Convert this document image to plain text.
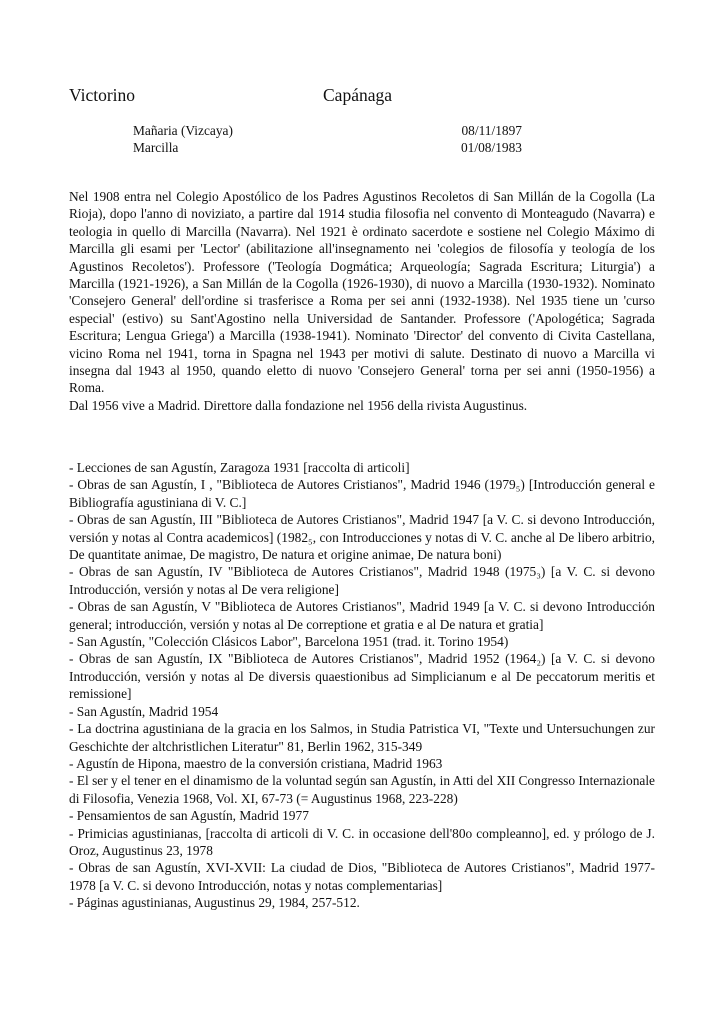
Victorino	Capánaga
Mañaria (Vizcaya)	08/11/1897
Marcilla	01/08/1983

Nel 1908 entra nel Colegio Apostólico de los Padres Agustinos Recoletos di San Millán de la Cogolla (La Rioja), dopo l'anno di noviziato, a partire dal 1914 studia filosofia nel convento di Monteagudo (Navarra) e teologia in quello di Marcilla (Navarra). Nel 1921 è ordinato sacerdote e sostiene nel Colegio Máximo di Marcilla gli esami per 'Lector' (abilitazione all'insegnamento nei 'colegios de filosofía y teología de los Agustinos Recoletos'). Professore ('Teología Dogmática; Arqueología; Sagrada Escritura; Liturgia') a Marcilla (1921-1926), a San Millán de la Cogolla (1926-1930), di nuovo a Marcilla (1930-1932). Nominato 'Consejero General' dell'ordine si trasferisce a Roma per sei anni (1932-1938). Nel 1935 tiene un 'curso especial' (estivo) su Sant'Agostino nella Universidad de Santander. Professore ('Apologética; Sagrada Escritura; Lengua Griega') a Marcilla (1938-1941). Nominato 'Director' del convento di Civita Castellana, vicino Roma nel 1941, torna in Spagna nel 1943 per motivi di salute. Destinato di nuovo a Marcilla vi insegna dal 1943 al 1950, quando eletto di nuovo 'Consejero General' torna per sei anni (1950-1956) a Roma.

Dal 1956 vive a Madrid. Direttore dalla fondazione nel 1956 della rivista Augustinus.

- Lecciones de san Agustín, Zaragoza 1931 [raccolta di articoli]
- Obras de san Agustín, I , "Biblioteca de Autores Cristianos", Madrid 1946 (1979₅) [Introducción general e Bibliografía agustiniana di V. C.]
- Obras de san Agustín, III "Biblioteca de Autores Cristianos", Madrid 1947 [a V. C. si devono Introducción, versión y notas al Contra academicos] (1982₅, con Introducciones y notas di V. C. anche al De libero arbitrio, De quantitate animae, De magistro, De natura et origine animae, De natura boni)
- Obras de san Agustín, IV "Biblioteca de Autores Cristianos", Madrid 1948 (1975₃) [a V. C. si devono Introducción, versión y notas al De vera religione]
- Obras de san Agustín, V "Biblioteca de Autores Cristianos", Madrid 1949 [a V. C. si devono Introducción general; introducción, versión y notas al De correptione et gratia e al De natura et gratia]
- San Agustín, "Colección Clásicos Labor", Barcelona 1951 (trad. it. Torino 1954)
- Obras de san Agustín, IX "Biblioteca de Autores Cristianos", Madrid 1952 (1964₂) [a V. C. si devono Introducción, versión y notas al De diversis quaestionibus ad Simplicianum e al De peccatorum meritis et remissione]
- San Agustín, Madrid 1954
- La doctrina agustiniana de la gracia en los Salmos, in Studia Patristica VI, "Texte und Untersuchungen zur Geschichte der altchristlichen Literatur" 81, Berlin 1962, 315-349
- Agustín de Hipona, maestro de la conversión cristiana, Madrid 1963
- El ser y el tener en el dinamismo de la voluntad según san Agustín, in Atti del XII Congresso Internazionale di Filosofia, Venezia 1968, Vol. XI, 67-73 (= Augustinus 1968, 223-228)
- Pensamientos de san Agustín, Madrid 1977
- Primicias agustinianas, [raccolta di articoli di V. C. in occasione dell'80o compleanno], ed. y prólogo de J. Oroz, Augustinus 23, 1978
- Obras de san Agustín, XVI-XVII: La ciudad de Dios, "Biblioteca de Autores Cristianos", Madrid 1977-1978 [a V. C. si devono Introducción, notas y notas complementarias]
- Páginas agustinianas, Augustinus 29, 1984, 257-512.
